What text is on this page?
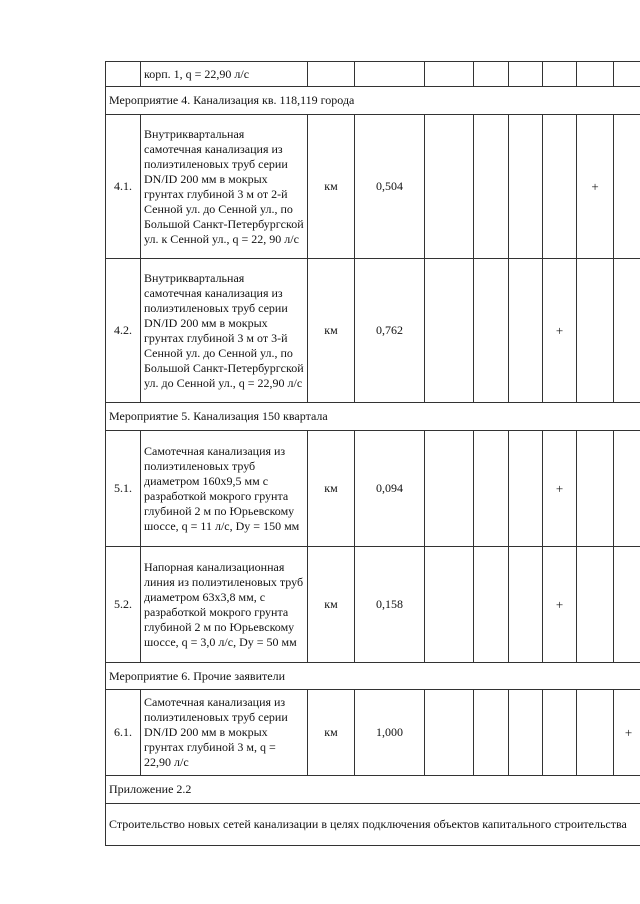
	корп. 1, q = 22,90 л/с								
Мероприятие 4. Канализация кв. 118,119 города									
4.1.	Внутриквартальная самотечная канализация из полиэтиленовых труб серии DN/ID 200 мм в мокрых грунтах глубиной 3 м от 2-й Сенной ул. до Сенной ул., по Большой Санкт-Петербургской ул. к Сенной ул., q = 22, 90 л/с	км	0,504					+	
4.2.	Внутриквартальная самотечная канализация из полиэтиленовых труб серии DN/ID 200 мм в мокрых грунтах глубиной 3 м от 3-й Сенной ул. до Сенной ул., по Большой Санкт-Петербургской ул. до Сенной ул., q = 22,90 л/с	км	0,762				+		
Мероприятие 5. Канализация 150 квартала									
5.1.	Самотечная канализация из полиэтиленовых труб диаметром 160х9,5 мм с разработкой мокрого грунта глубиной 2 м по Юрьевскому шоссе, q = 11 л/с, Dy = 150 мм	км	0,094				+		
5.2.	Напорная канализационная линия из полиэтиленовых труб диаметром 63х3,8 мм, с разработкой мокрого грунта глубиной 2 м по Юрьевскому шоссе, q = 3,0 л/с, Dy = 50 мм	км	0,158				+		
Мероприятие 6. Прочие заявители									
6.1.	Самотечная канализация из полиэтиленовых труб серии DN/ID 200 мм в мокрых грунтах глубиной 3 м, q = 22,90 л/с	км	1,000						+
Приложение 2.2									
Строительство новых сетей канализации в целях подключения объектов капитального строительства									
